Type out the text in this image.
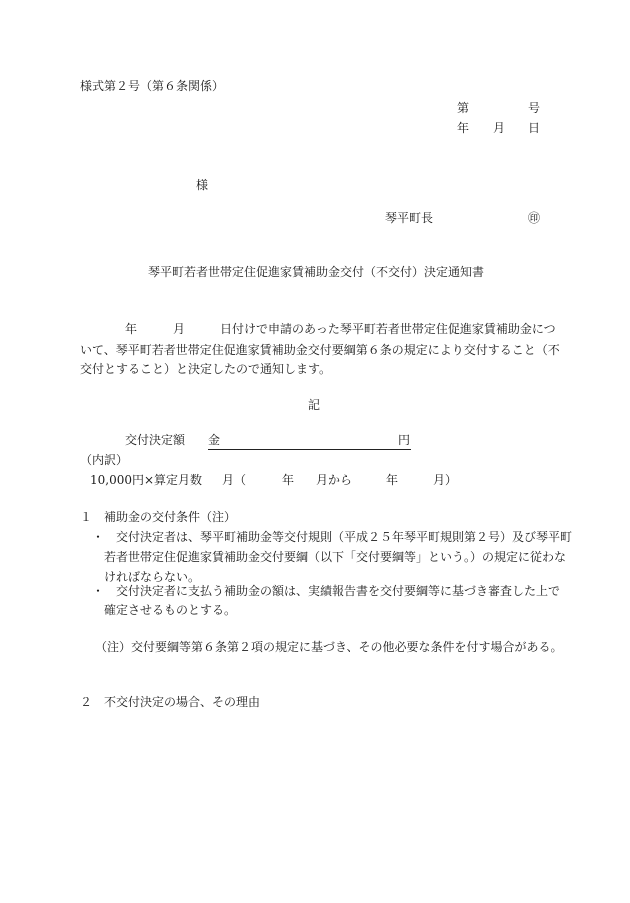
様式第２号（第６条関係）
第	号
年 月 日
様
琴平町長	㊞
琴平町若者世帯定住促進家賃補助金交付（不交付）決定通知書
年	月	日付けで申請のあった琴平町若者世帯定住促進家賃補助金につ
いて、琴平町若者世帯定住促進家賃補助金交付要綱第６条の規定により交付すること（不
交付とすること）と決定したので通知します。
記
交付決定額 金	円
（内訳）
10,000円×算定月数 月（	年 月から	年	月）
１　補助金の交付条件（注）
・　交付決定者は、琴平町補助金等交付規則（平成２５年琴平町規則第２号）及び琴平町
若者世帯定住促進家賃補助金交付要綱（以下「交付要綱等」という。）の規定に従わな
ければならない。
・　交付決定者に支払う補助金の額は、実績報告書を交付要綱等に基づき審査した上で
確定させるものとする。
（注）交付要綱等第６条第２項の規定に基づき、その他必要な条件を付す場合がある。
２　不交付決定の場合、その理由
